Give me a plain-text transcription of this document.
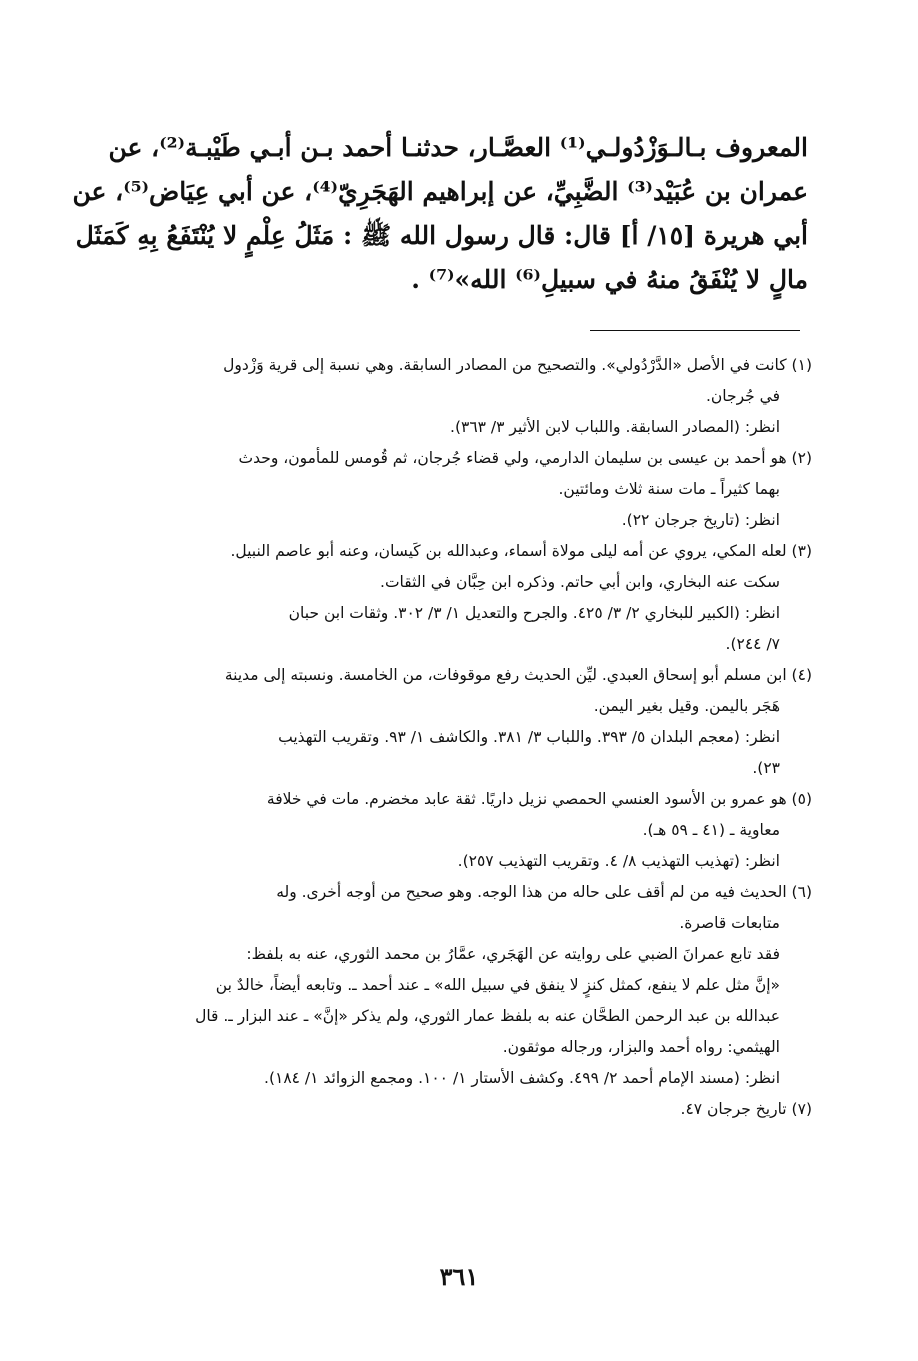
المعروف بـالـوَزْدُولـي⁽¹⁾ العصَّـار، حدثنـا أحمد بـن أبـي طَيْبـة⁽²⁾، عن
عمران بن عُبَيْد⁽³⁾ الضَّبِيِّ، عن إبراهيم الهَجَرِيّ⁽⁴⁾، عن أبي عِيَاض⁽⁵⁾، عن
أبي هريرة [١٥/ أ] قال: قال رسول الله ﷺ : مَثَلُ عِلْمٍ لا يُنْتَفَعُ بِهِ كَمَثَل
مالٍ لا يُنْفَقُ منهُ في سبيلِ⁽⁶⁾ الله»⁽⁷⁾ .
(١) كانت في الأصل «الدَّرْدُولي». والتصحيح من المصادر السابقة. وهي نسبة إلى قرية وَزْدول
في جُرجان.
انظر: (المصادر السابقة. واللباب لابن الأثير ٣/ ٣٦٣).
(٢) هو أحمد بن عيسى بن سليمان الدارمي، ولي قضاء جُرجان، ثم قُومس للمأمون، وحدث
بهما كثيراً ـ مات سنة ثلاث ومائتين.
انظر: (تاريخ جرجان ٢٢).
(٣) لعله المكي، يروي عن أمه ليلى مولاة أسماء، وعبدالله بن كَيسان، وعنه أبو عاصم النبيل.
سكت عنه البخاري، وابن أبي حاتم. وذكره ابن حِبَّان في الثقات.
انظر: (الكبير للبخاري ٢/ ٣/ ٤٢٥. والجرح والتعديل ١/ ٣/ ٣٠٢. وثقات ابن حبان
٧/ ٢٤٤).
(٤) ابن مسلم أبو إسحاق العبدي. ليِّن الحديث رفع موقوفات، من الخامسة. ونسبته إلى مدينة
هَجَر باليمن. وقيل بغير اليمن.
انظر: (معجم البلدان ٥/ ٣٩٣. واللباب ٣/ ٣٨١. والكاشف ١/ ٩٣. وتقريب التهذيب
٢٣).
(٥) هو عمرو بن الأسود العنسي الحمصي نزيل داريًا. ثقة عابد مخضرم. مات في خلافة
معاوية ـ (٤١ ـ ٥٩ هـ).
انظر: (تهذيب التهذيب ٨/ ٤. وتقريب التهذيب ٢٥٧).
(٦) الحديث فيه من لم أقف على حاله من هذا الوجه. وهو صحيح من أوجه أخرى. وله
متابعات قاصرة.
فقد تابع عمرانَ الضبي على روايته عن الهَجَري، عمَّارُ بن محمد الثوري، عنه به بلفظ:
«إنَّ مثل علم لا ينفع، كمثل كنزٍ لا ينفق في سبيل الله» ـ عند أحمد ـ. وتابعه أيضاً، خالدٌ بن
عبدالله بن عبد الرحمن الطحَّان عنه به بلفظ عمار الثوري، ولم يذكر «إنَّ» ـ عند البزار ـ. قال
الهيثمي: رواه أحمد والبزار، ورجاله موثقون.
انظر: (مسند الإمام أحمد ٢/ ٤٩٩. وكشف الأستار ١/ ١٠٠. ومجمع الزوائد ١/ ١٨٤).
(٧) تاريخ جرجان ٤٧.
٣٦١
